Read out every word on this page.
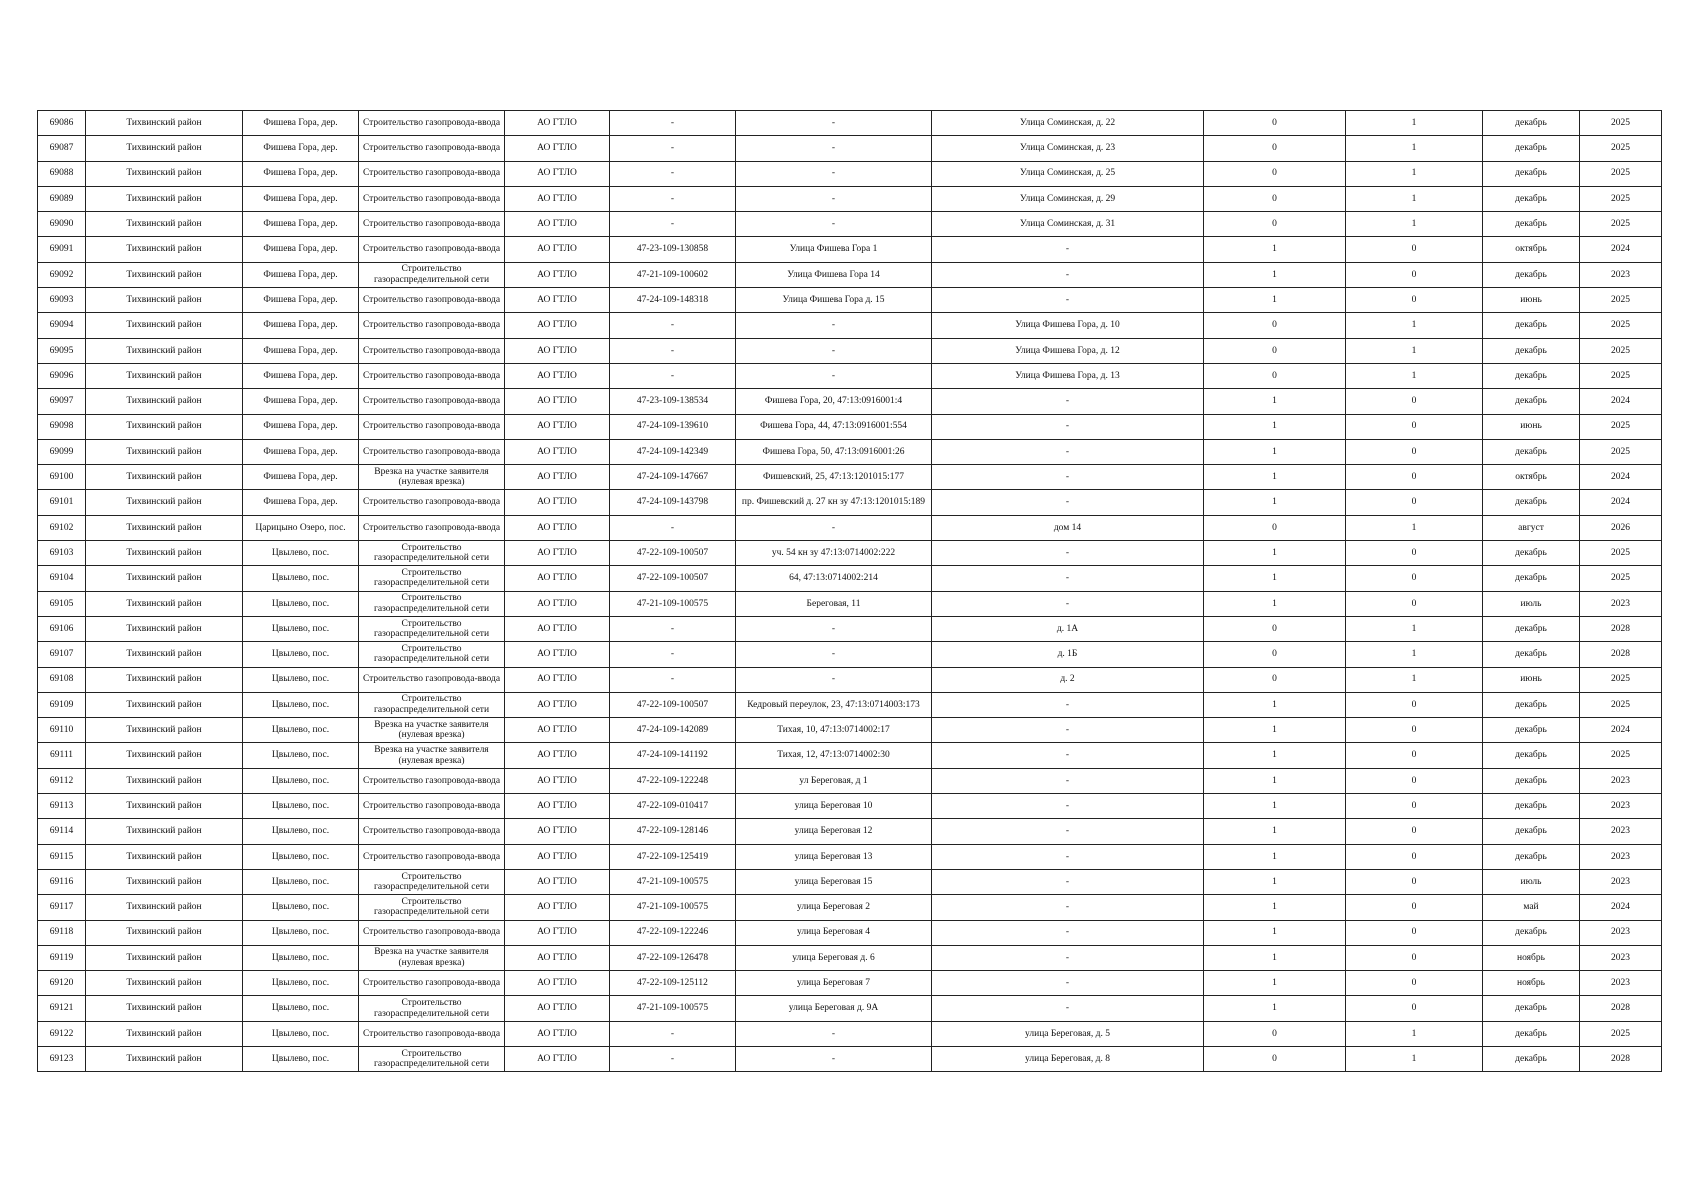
69086	Тихвинский район	Фишева Гора, дер.	Строительство газопровода-ввода	АО ГТЛО	-	-	Улица Соминская, д. 22	0	1	декабрь	2025
69087	Тихвинский район	Фишева Гора, дер.	Строительство газопровода-ввода	АО ГТЛО	-	-	Улица Соминская, д. 23	0	1	декабрь	2025
69088	Тихвинский район	Фишева Гора, дер.	Строительство газопровода-ввода	АО ГТЛО	-	-	Улица Соминская, д. 25	0	1	декабрь	2025
69089	Тихвинский район	Фишева Гора, дер.	Строительство газопровода-ввода	АО ГТЛО	-	-	Улица Соминская, д. 29	0	1	декабрь	2025
69090	Тихвинский район	Фишева Гора, дер.	Строительство газопровода-ввода	АО ГТЛО	-	-	Улица Соминская, д. 31	0	1	декабрь	2025
69091	Тихвинский район	Фишева Гора, дер.	Строительство газопровода-ввода	АО ГТЛО	47-23-109-130858	Улица Фишева Гора 1	-	1	0	октябрь	2024
69092	Тихвинский район	Фишева Гора, дер.	Строительство газораспределительной сети	АО ГТЛО	47-21-109-100602	Улица Фишева Гора 14	-	1	0	декабрь	2023
69093	Тихвинский район	Фишева Гора, дер.	Строительство газопровода-ввода	АО ГТЛО	47-24-109-148318	Улица Фишева Гора д. 15	-	1	0	июнь	2025
69094	Тихвинский район	Фишева Гора, дер.	Строительство газопровода-ввода	АО ГТЛО	-	-	Улица Фишева Гора, д. 10	0	1	декабрь	2025
69095	Тихвинский район	Фишева Гора, дер.	Строительство газопровода-ввода	АО ГТЛО	-	-	Улица Фишева Гора, д. 12	0	1	декабрь	2025
69096	Тихвинский район	Фишева Гора, дер.	Строительство газопровода-ввода	АО ГТЛО	-	-	Улица Фишева Гора, д. 13	0	1	декабрь	2025
69097	Тихвинский район	Фишева Гора, дер.	Строительство газопровода-ввода	АО ГТЛО	47-23-109-138534	Фишева Гора, 20, 47:13:0916001:4	-	1	0	декабрь	2024
69098	Тихвинский район	Фишева Гора, дер.	Строительство газопровода-ввода	АО ГТЛО	47-24-109-139610	Фишева Гора, 44, 47:13:0916001:554	-	1	0	июнь	2025
69099	Тихвинский район	Фишева Гора, дер.	Строительство газопровода-ввода	АО ГТЛО	47-24-109-142349	Фишева Гора, 50, 47:13:0916001:26	-	1	0	декабрь	2025
69100	Тихвинский район	Фишева Гора, дер.	Врезка на участке заявителя (нулевая врезка)	АО ГТЛО	47-24-109-147667	Фишевский, 25, 47:13:1201015:177	-	1	0	октябрь	2024
69101	Тихвинский район	Фишева Гора, дер.	Строительство газопровода-ввода	АО ГТЛО	47-24-109-143798	пр. Фишевский д. 27 кн зу 47:13:1201015:189	-	1	0	декабрь	2024
69102	Тихвинский район	Царицыно Озеро, пос.	Строительство газопровода-ввода	АО ГТЛО	-	-	дом 14	0	1	август	2026
69103	Тихвинский район	Цвылево, пос.	Строительство газораспределительной сети	АО ГТЛО	47-22-109-100507	уч. 54 кн зу 47:13:0714002:222	-	1	0	декабрь	2025
69104	Тихвинский район	Цвылево, пос.	Строительство газораспределительной сети	АО ГТЛО	47-22-109-100507	64, 47:13:0714002:214	-	1	0	декабрь	2025
69105	Тихвинский район	Цвылево, пос.	Строительство газораспределительной сети	АО ГТЛО	47-21-109-100575	Береговая, 11	-	1	0	июль	2023
69106	Тихвинский район	Цвылево, пос.	Строительство газораспределительной сети	АО ГТЛО	-	-	д. 1А	0	1	декабрь	2028
69107	Тихвинский район	Цвылево, пос.	Строительство газораспределительной сети	АО ГТЛО	-	-	д. 1Б	0	1	декабрь	2028
69108	Тихвинский район	Цвылево, пос.	Строительство газопровода-ввода	АО ГТЛО	-	-	д. 2	0	1	июнь	2025
69109	Тихвинский район	Цвылево, пос.	Строительство газораспределительной сети	АО ГТЛО	47-22-109-100507	Кедровый переулок, 23, 47:13:0714003:173	-	1	0	декабрь	2025
69110	Тихвинский район	Цвылево, пос.	Врезка на участке заявителя (нулевая врезка)	АО ГТЛО	47-24-109-142089	Тихая, 10, 47:13:0714002:17	-	1	0	декабрь	2024
69111	Тихвинский район	Цвылево, пос.	Врезка на участке заявителя (нулевая врезка)	АО ГТЛО	47-24-109-141192	Тихая, 12, 47:13:0714002:30	-	1	0	декабрь	2025
69112	Тихвинский район	Цвылево, пос.	Строительство газопровода-ввода	АО ГТЛО	47-22-109-122248	ул Береговая, д 1	-	1	0	декабрь	2023
69113	Тихвинский район	Цвылево, пос.	Строительство газопровода-ввода	АО ГТЛО	47-22-109-010417	улица Береговая 10	-	1	0	декабрь	2023
69114	Тихвинский район	Цвылево, пос.	Строительство газопровода-ввода	АО ГТЛО	47-22-109-128146	улица Береговая 12	-	1	0	декабрь	2023
69115	Тихвинский район	Цвылево, пос.	Строительство газопровода-ввода	АО ГТЛО	47-22-109-125419	улица Береговая 13	-	1	0	декабрь	2023
69116	Тихвинский район	Цвылево, пос.	Строительство газораспределительной сети	АО ГТЛО	47-21-109-100575	улица Береговая 15	-	1	0	июль	2023
69117	Тихвинский район	Цвылево, пос.	Строительство газораспределительной сети	АО ГТЛО	47-21-109-100575	улица Береговая 2	-	1	0	май	2024
69118	Тихвинский район	Цвылево, пос.	Строительство газопровода-ввода	АО ГТЛО	47-22-109-122246	улица Береговая 4	-	1	0	декабрь	2023
69119	Тихвинский район	Цвылево, пос.	Врезка на участке заявителя (нулевая врезка)	АО ГТЛО	47-22-109-126478	улица Береговая д. 6	-	1	0	ноябрь	2023
69120	Тихвинский район	Цвылево, пос.	Строительство газопровода-ввода	АО ГТЛО	47-22-109-125112	улица Береговая 7	-	1	0	ноябрь	2023
69121	Тихвинский район	Цвылево, пос.	Строительство газораспределительной сети	АО ГТЛО	47-21-109-100575	улица Береговая д. 9А	-	1	0	декабрь	2028
69122	Тихвинский район	Цвылево, пос.	Строительство газопровода-ввода	АО ГТЛО	-	-	улица Береговая, д. 5	0	1	декабрь	2025
69123	Тихвинский район	Цвылево, пос.	Строительство газораспределительной сети	АО ГТЛО	-	-	улица Береговая, д. 8	0	1	декабрь	2028
